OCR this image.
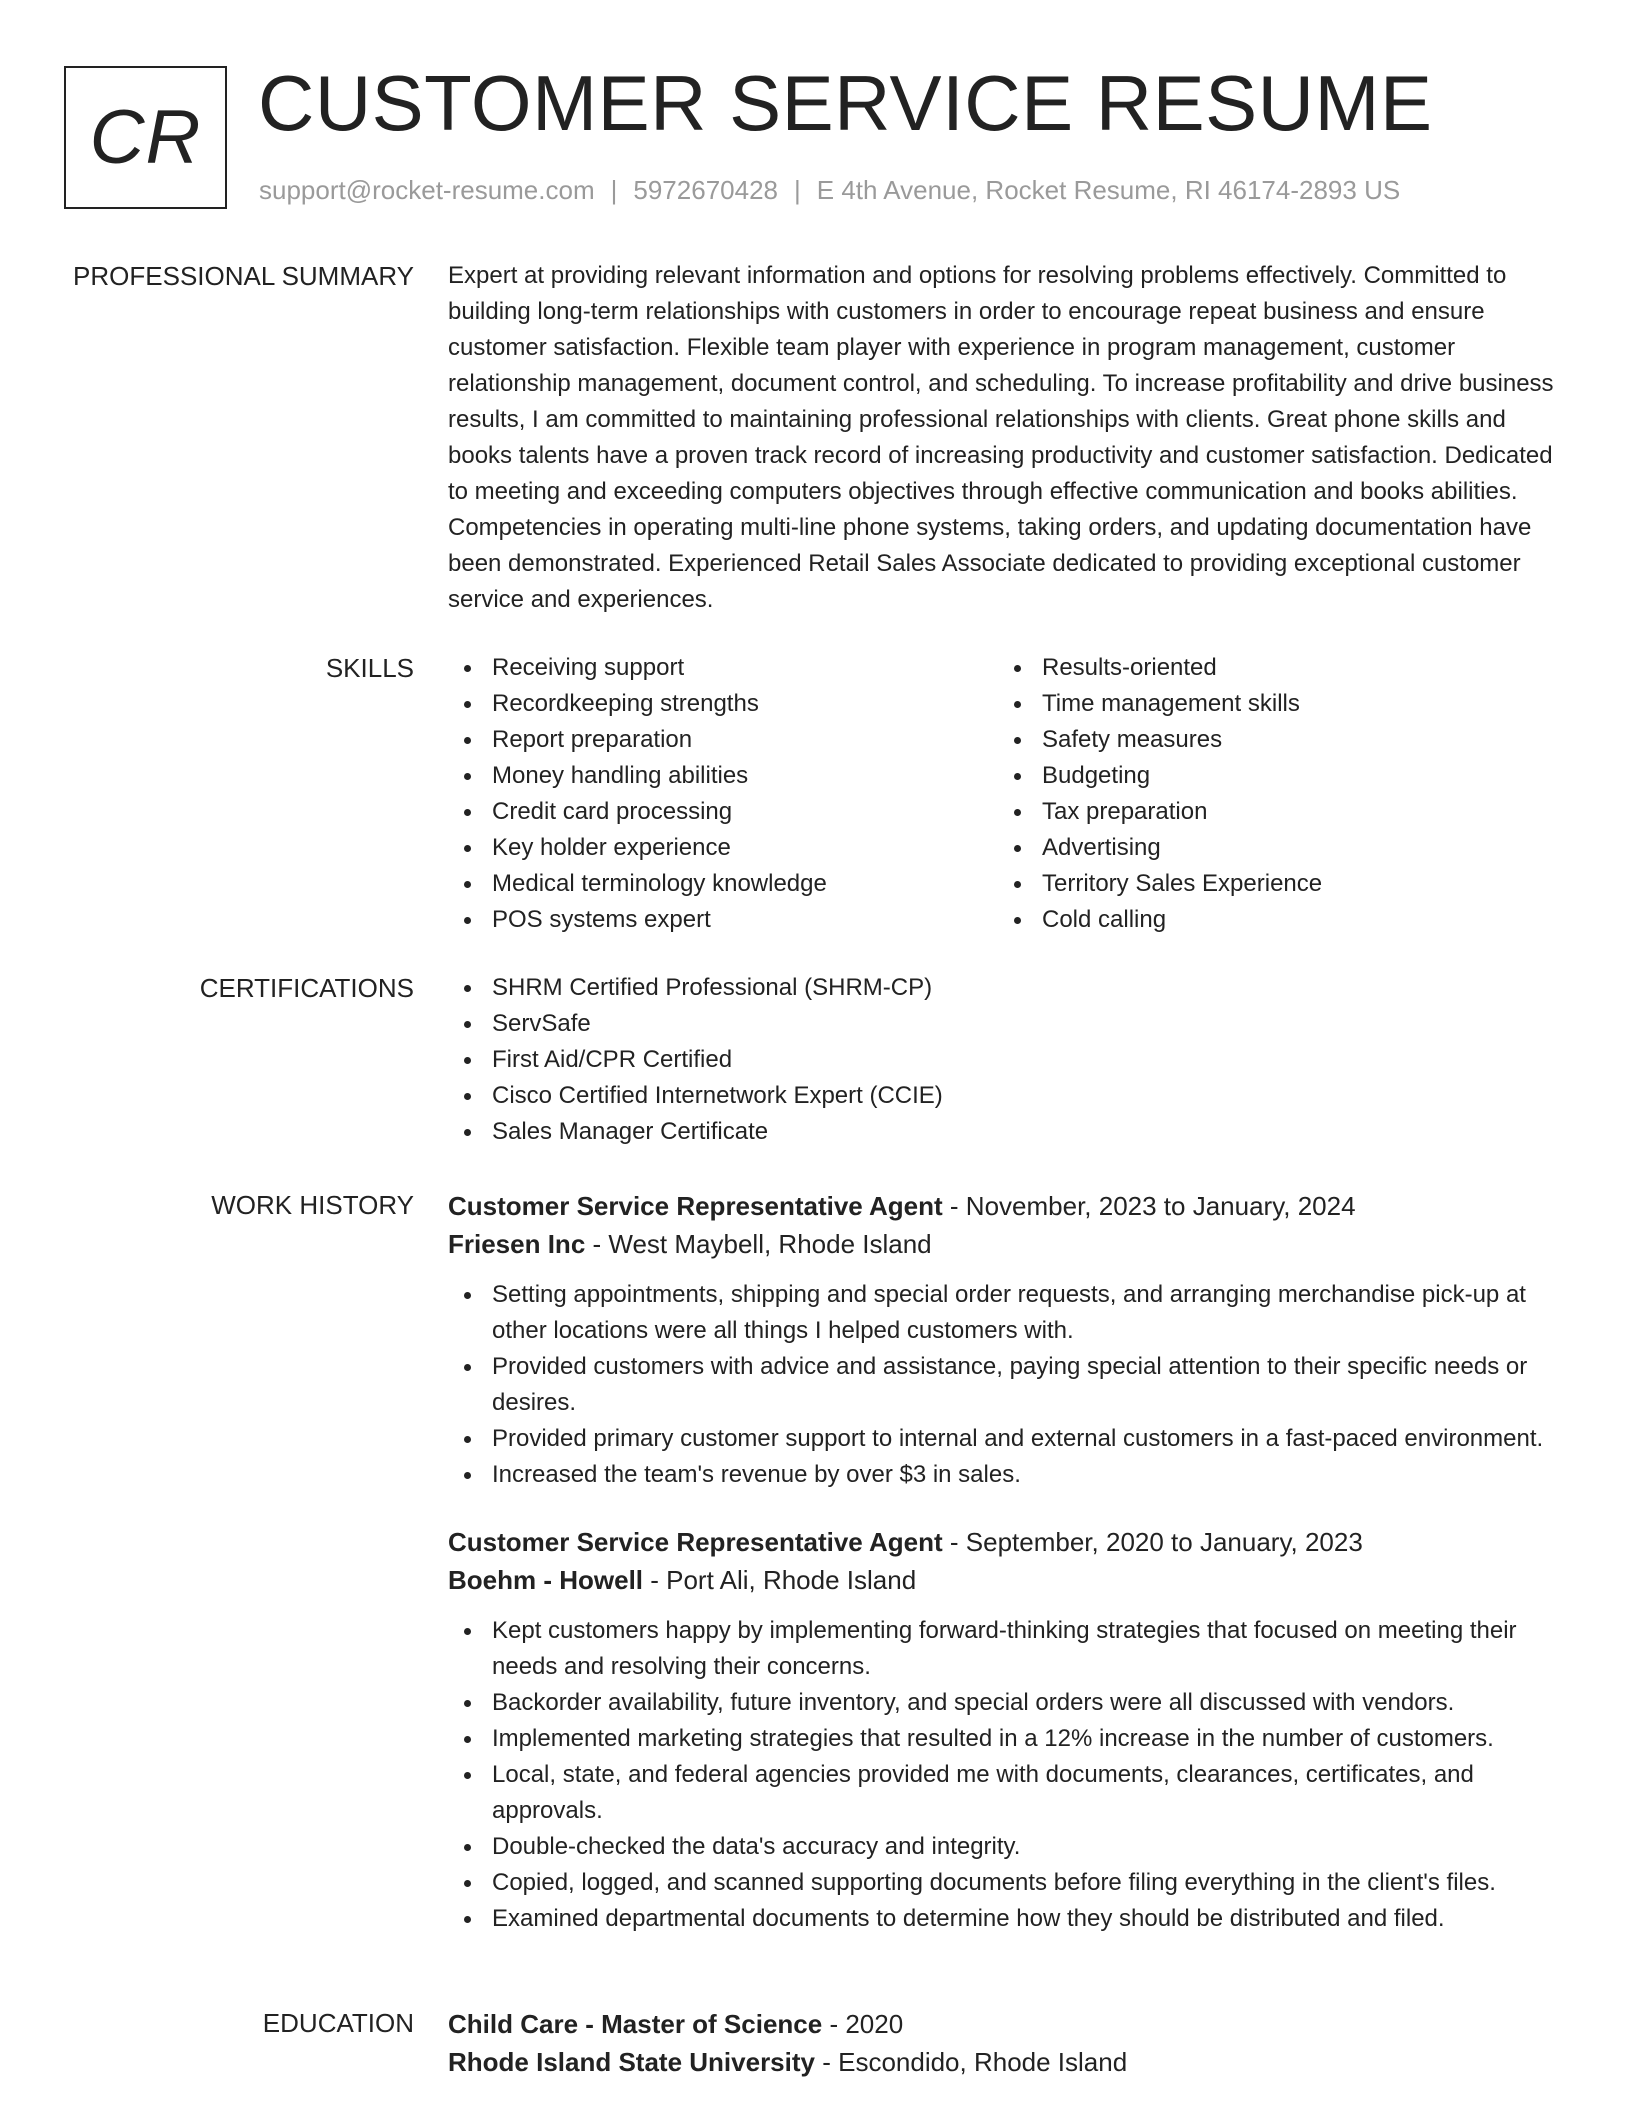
CR CUSTOMER SERVICE RESUME
support@rocket-resume.com | 5972670428 | E 4th Avenue, Rocket Resume, RI 46174-2893 US
PROFESSIONAL SUMMARY Expert at providing relevant information and options for resolving problems effectively. Committed to building long-term relationships with customers in order to encourage repeat business and ensure customer satisfaction. Flexible team player with experience in program management, customer relationship management, document control, and scheduling. To increase profitability and drive business results, I am committed to maintaining professional relationships with clients. Great phone skills and books talents have a proven track record of increasing productivity and customer satisfaction. Dedicated to meeting and exceeding computers objectives through effective communication and books abilities. Competencies in operating multi-line phone systems, taking orders, and updating documentation have been demonstrated. Experienced Retail Sales Associate dedicated to providing exceptional customer service and experiences.
SKILLS	Receiving support
Recordkeeping strengths
Report preparation
Money handling abilities
Credit card processing
Key holder experience
Medical terminology knowledge
POS systems expert
Results-oriented
Time management skills
Safety measures
Budgeting
Tax preparation
Advertising
Territory Sales Experience
Cold calling
CERTIFICATIONS	SHRM Certified Professional (SHRM-CP)
ServSafe
First Aid/CPR Certified
Cisco Certified Internetwork Expert (CCIE)
Sales Manager Certificate
WORK HISTORY Customer Service Representative Agent - November, 2023 to January, 2024
Friesen Inc - West Maybell, Rhode Island
Setting appointments, shipping and special order requests, and arranging merchandise pick-up at other locations were all things I helped customers with.
Provided customers with advice and assistance, paying special attention to their specific needs or desires.
Provided primary customer support to internal and external customers in a fast-paced environment.
Increased the team's revenue by over $3 in sales.
Customer Service Representative Agent - September, 2020 to January, 2023
Boehm - Howell - Port Ali, Rhode Island
Kept customers happy by implementing forward-thinking strategies that focused on meeting their needs and resolving their concerns.
Backorder availability, future inventory, and special orders were all discussed with vendors.
Implemented marketing strategies that resulted in a 12% increase in the number of customers.
Local, state, and federal agencies provided me with documents, clearances, certificates, and approvals.
Double-checked the data's accuracy and integrity.
Copied, logged, and scanned supporting documents before filing everything in the client's files.
Examined departmental documents to determine how they should be distributed and filed.
EDUCATION Child Care - Master of Science - 2020
Rhode Island State University - Escondido, Rhode Island
